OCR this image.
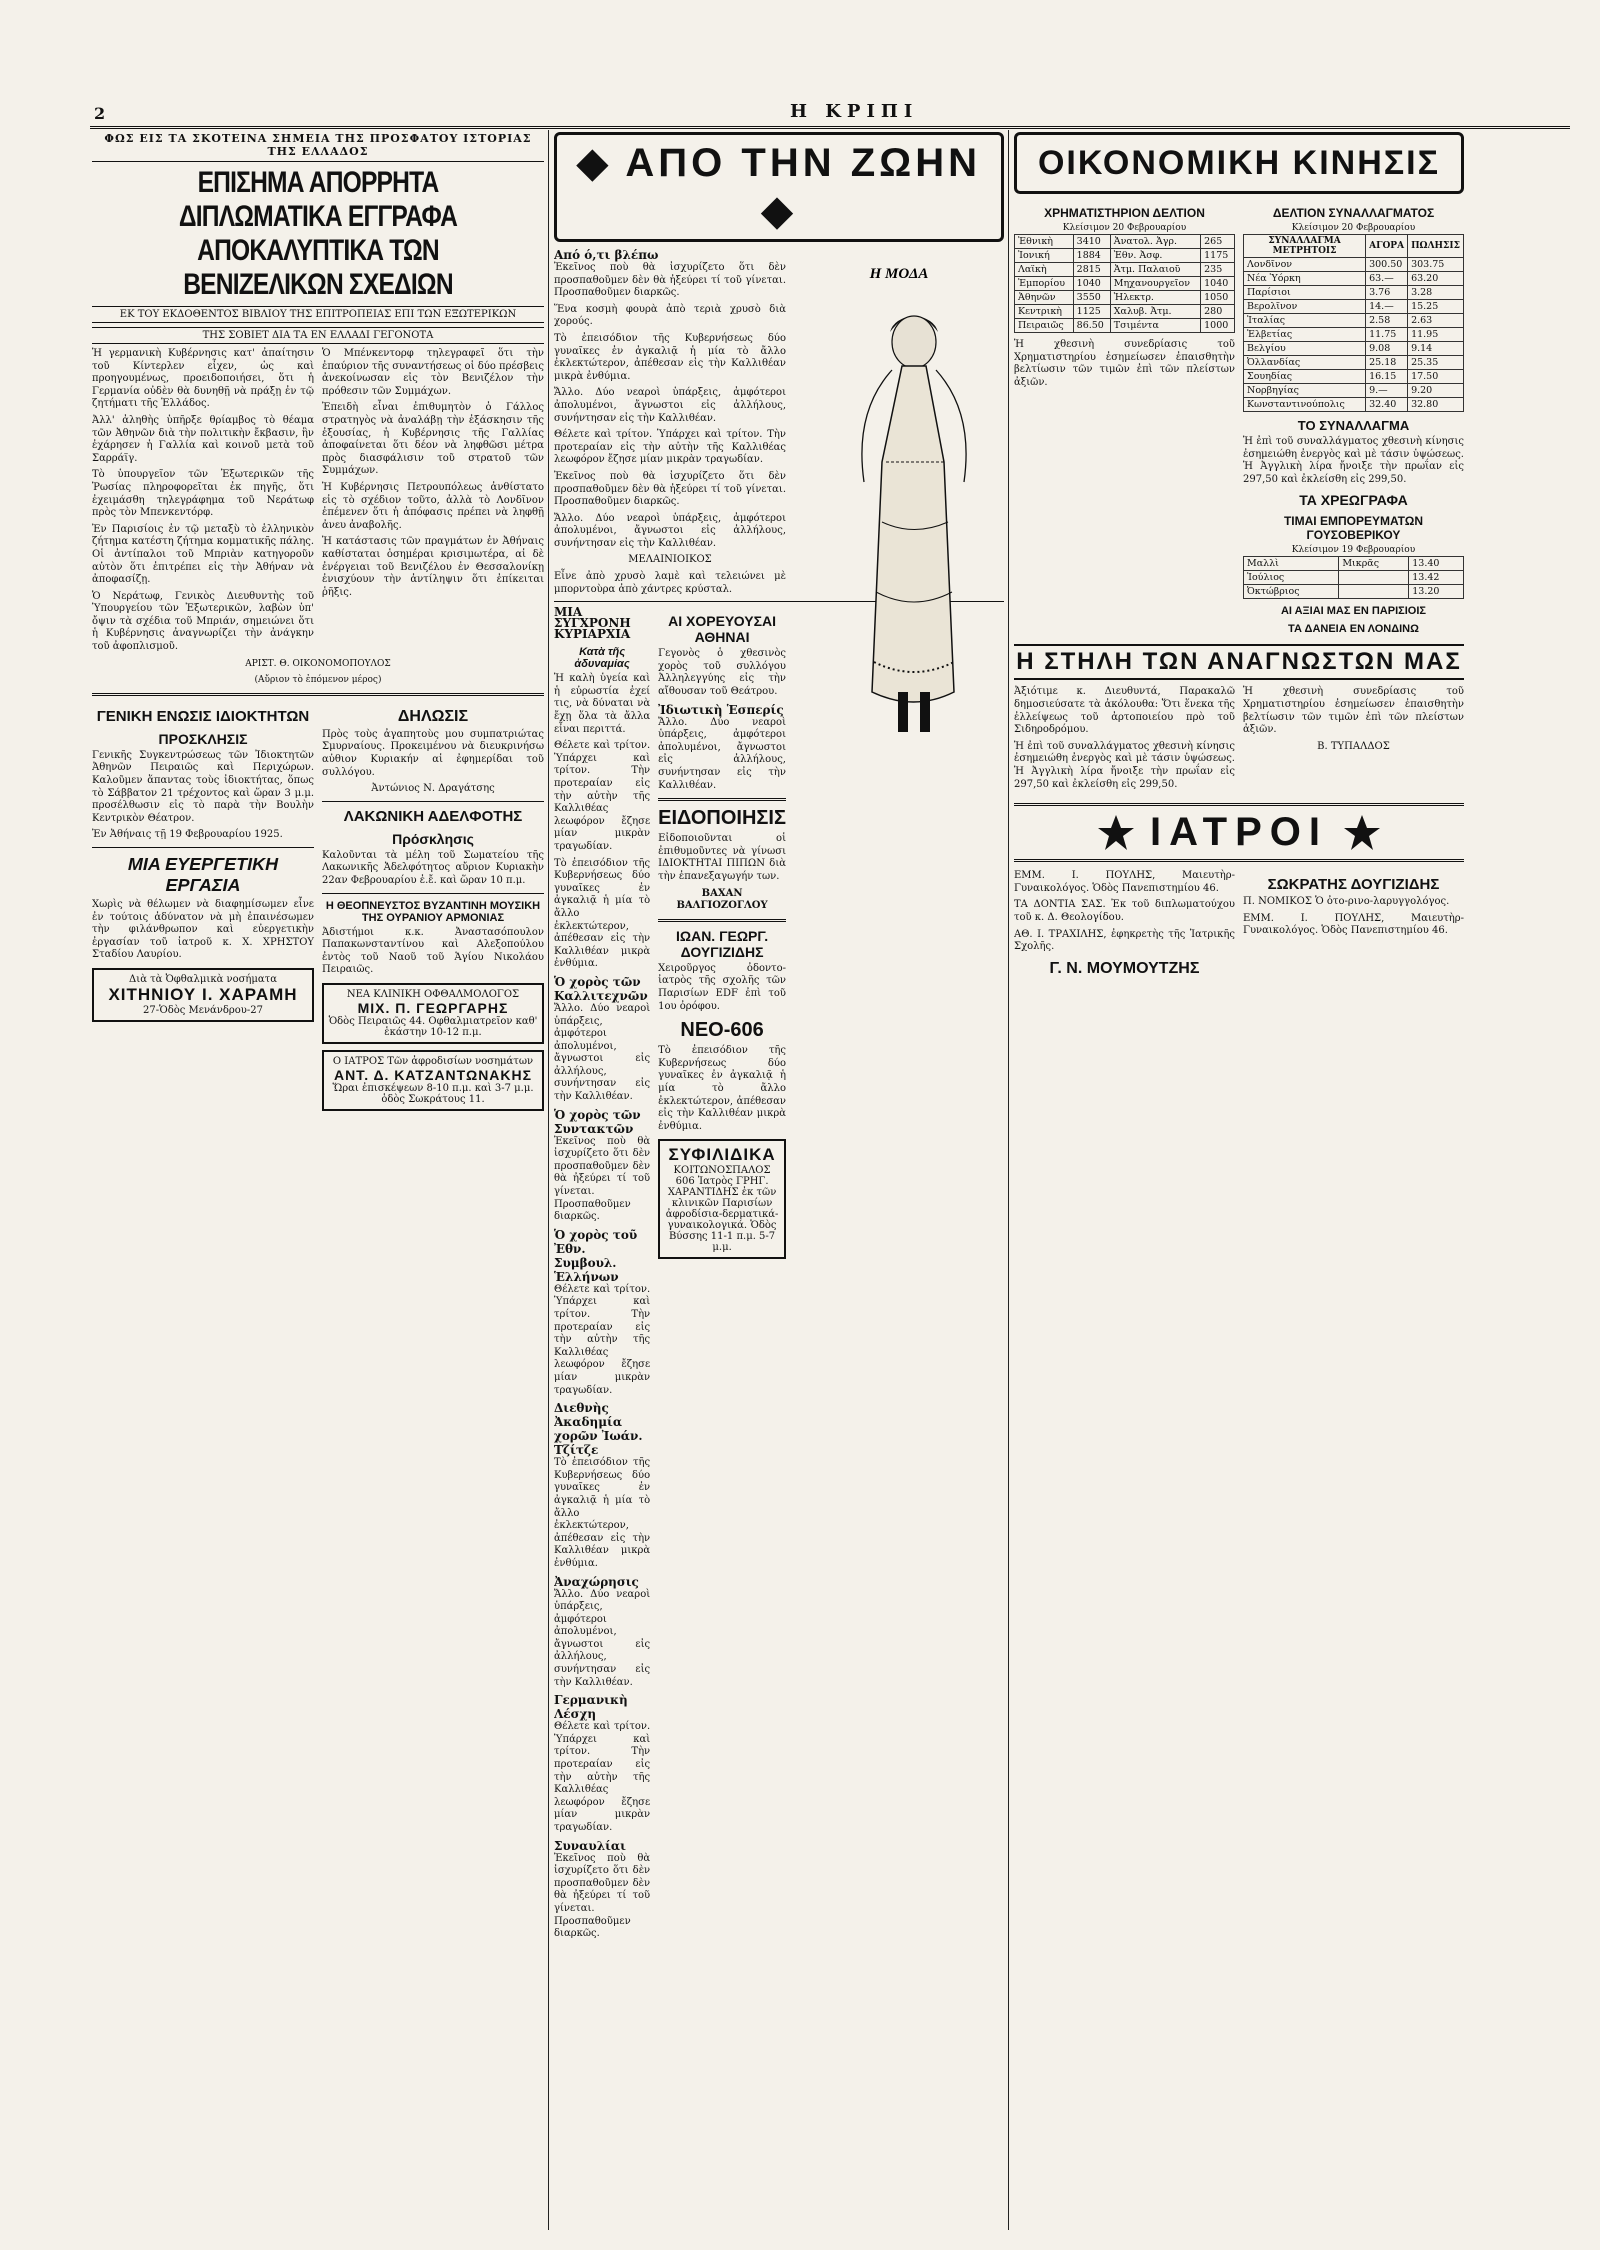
2	Η ΚΡΙΠΙ
ΦΩΣ ΕΙΣ ΤΑ ΣΚΟΤΕΙΝΑ ΣΗΜΕΙΑ ΤΗΣ ΠΡΟΣΦΑΤΟΥ ΙΣΤΟΡΙΑΣ ΤΗΣ ΕΛΛΑΔΟΣ
ΕΠΙΣΗΜΑ ΑΠΟΡΡΗΤΑ ΔΙΠΛΩΜΑΤΙΚΑ ΕΓΓΡΑΦΑ
ΑΠΟΚΑΛΥΠΤΙΚΑ ΤΩΝ ΒΕΝΙΖΕΛΙΚΩΝ ΣΧΕΔΙΩΝ
ΕΚ ΤΟΥ ΕΚΔΟΘΕΝΤΟΣ ΒΙΒΛΙΟΥ ΤΗΣ ΕΠΙΤΡΟΠΕΙΑΣ ΕΠΙ ΤΩΝ ΕΞΩΤΕΡΙΚΩΝ
ΤΗΣ ΣΟΒΙΕΤ ΔΙΑ ΤΑ ΕΝ ΕΛΛΑΔΙ ΓΕΓΟΝΟΤΑ

Ἡ γερμανικὴ Κυβέρνησις κατ' ἀπαίτησιν τοῦ Κίντερλεν εἶχεν, ὡς καὶ προηγουμένως, προειδοποιήσει, ὅτι ἡ Γερμανία οὐδὲν θὰ δυνηθῇ νὰ πράξῃ ἐν τῷ ζητήματι τῆς Ἑλλάδος.

Ἀλλ' ἀληθὴς ὑπῆρξε θρίαμβος τὸ θέαμα τῶν Ἀθηνῶν διὰ τὴν πολιτικὴν ἔκβασιν, ἣν ἐχάρησεν ἡ Γαλλία καὶ κοινοῦ μετὰ τοῦ Σαρράϊγ.

Τὸ ὑπουργεῖον τῶν Ἐξωτερικῶν τῆς Ῥωσίας πληροφορεῖται ἐκ πηγῆς, ὅτι ἐχειμάσθη τηλεγράφημα τοῦ Νεράτωφ πρὸς τὸν Μπενκεντόρφ.

Ἐν Παρισίοις ἐν τῷ μεταξὺ τὸ ἑλληνικὸν ζήτημα κατέστη ζήτημα κομματικῆς πάλης. Οἱ ἀντίπαλοι τοῦ Μπριὰν κατηγοροῦν αὐτὸν ὅτι ἐπιτρέπει εἰς τὴν Ἀθήναν νὰ ἀποφασίζῃ.

Ὁ Νεράτωφ, Γενικὸς Διευθυντὴς τοῦ Ὑπουργείου τῶν Ἐξωτερικῶν, λαβὼν ὑπ' ὄψιν τὰ σχέδια τοῦ Μπριάν, σημειώνει ὅτι ἡ Κυβέρνησις ἀναγνωρίζει τὴν ἀνάγκην τοῦ ἀφοπλισμοῦ.

Ὁ Μπένκεντορφ τηλεγραφεῖ ὅτι τὴν ἐπαύριον τῆς συναντήσεως οἱ δύο πρέσβεις ἀνεκοίνωσαν εἰς τὸν Βενιζέλον τὴν πρόθεσιν τῶν Συμμάχων.

Ἐπειδὴ εἶναι ἐπιθυμητὸν ὁ Γάλλος στρατηγὸς νὰ ἀναλάβῃ τὴν ἐξάσκησιν τῆς ἐξουσίας, ἡ Κυβέρνησις τῆς Γαλλίας ἀποφαίνεται ὅτι δέον νὰ ληφθῶσι μέτρα πρὸς διασφάλισιν τοῦ στρατοῦ τῶν Συμμάχων.

Ἡ Κυβέρνησις Πετρουπόλεως ἀνθίστατο εἰς τὸ σχέδιον τοῦτο, ἀλλὰ τὸ Λονδῖνον ἐπέμενεν ὅτι ἡ ἀπόφασις πρέπει νὰ ληφθῇ ἀνευ ἀναβολῆς.

Ἡ κατάστασις τῶν πραγμάτων ἐν Ἀθήναις καθίσταται ὁσημέραι κρισιμωτέρα, αἱ δὲ ἐνέργειαι τοῦ Βενιζέλου ἐν Θεσσαλονίκῃ ἐνισχύουν τὴν ἀντίληψιν ὅτι ἐπίκειται ῥῆξις.

ΑΡΙΣΤ. Θ. ΟΙΚΟΝΟΜΟΠΟΥΛΟΣ

(Αὔριον τὸ ἐπόμενον μέρος)

ΓΕΝΙΚΗ ΕΝΩΣΙΣ ΙΔΙΟΚΤΗΤΩΝ
ΠΡΟΣΚΛΗΣΙΣ

Γενικῆς Συγκεντρώσεως τῶν Ἰδιοκτητῶν Ἀθηνῶν Πειραιῶς καὶ Περιχώρων. Καλοῦμεν ἅπαντας τοὺς ἰδιοκτήτας, ὅπως τὸ Σάββατον 21 τρέχοντος καὶ ὥραν 3 μ.μ. προσέλθωσιν εἰς τὸ παρὰ τὴν Βουλὴν Κεντρικὸν Θέατρον.

Ἐν Ἀθήναις τῇ 19 Φεβρουαρίου 1925.

ΜΙΑ ΕΥΕΡΓΕΤΙΚΗ ΕΡΓΑΣΙΑ

Χωρὶς νὰ θέλωμεν νὰ διαφημίσωμεν εἶνε ἐν τούτοις ἀδύνατον νὰ μὴ ἐπαινέσωμεν τὴν φιλάνθρωπον καὶ εὐεργετικὴν ἐργασίαν τοῦ ἰατροῦ κ. Χ. ΧΡΗΣΤΟΥ Σταδίου Λαυρίου.

Διὰ τὰ Ὀφθαλμικὰ νοσήματα
ΧΙΤΗΝΙΟΥ Ι. ΧΑΡΑΜΗ
27-Ὁδὸς Μενάνδρου-27
ΔΗΛΩΣΙΣ

Πρὸς τοὺς ἀγαπητοὺς μου συμπατριώτας Σμυρναίους. Προκειμένου νὰ διευκρινήσω αὐθιον Κυριακήν αἱ ἐφημερίδαι τοῦ συλλόγου.

Ἀντώνιος Ν. Δραγάτσης

ΛΑΚΩΝΙΚΗ ΑΔΕΛΦΟΤΗΣ
Πρόσκλησις

Καλοῦνται τὰ μέλη τοῦ Σωματείου τῆς Λακωνικῆς Ἀδελφότητος αὔριον Κυριακὴν 22αν Φεβρουαρίου ἐ.ἔ. καὶ ὥραν 10 π.μ.

Η ΘΕΟΠΝΕΥΣΤΟΣ ΒΥΖΑΝΤΙΝΗ ΜΟΥΣΙΚΗ ΤΗΣ ΟΥΡΑΝΙΟΥ ΑΡΜΟΝΙΑΣ

Ἀδιστήμοι κ.κ. Ἀναστασόπουλον Παπακωνσταντίνου καὶ Αλεξοπούλου ἐντὸς τοῦ Ναοῦ τοῦ Ἁγίου Νικολάου Πειραιῶς.

ΝΕΑ ΚΛΙΝΙΚΗ ΟΦΘΑΛΜΟΛΟΓΟΣ
ΜΙΧ. Π. ΓΕΩΡΓΑΡΗΣ
Ὁδὸς Πειραιῶς 44. Οφθαλμιατρεῖον καθ' ἑκάστην 10-12 π.μ.
Ο ΙΑΤΡΟΣ Τῶν ἀφροδισίων νοσημάτων
ΑΝΤ. Δ. ΚΑΤΖΑΝΤΩΝΑΚΗΣ
Ὥραι ἐπισκέψεων 8-10 π.μ. καὶ 3-7 μ.μ. ὁδὸς Σωκράτους 11.
◆ ΑΠΟ ΤΗΝ ΖΩΗΝ ◆
Από ό,τι βλέπω
Η ΜΟΔΑ

Ἐκεῖνος ποὺ θὰ ἰσχυρίζετο ὅτι δὲν προσπαθοῦμεν δὲν θὰ ἠξεύρει τί τοῦ γίνεται. Προσπαθοῦμεν διαρκῶς.

Ἕνα κοσμὴ φουρὰ ἀπὸ τεριὰ χρυσὸ διὰ χορούς.

Τὸ ἐπεισόδιον τῆς Κυβερνήσεως δύο γυναῖκες ἐν ἀγκαλιᾷ ἡ μία τὸ ἄλλο ἐκλεκτώτερον, ἀπέθεσαν εἰς τὴν Καλλιθέαν μικρὰ ἐνθύμια.

Ἄλλο. Δύο νεαροὶ ὑπάρξεις, ἀμφότεροι ἀπολυμένοι, ἄγνωστοι εἰς ἀλλήλους, συνήντησαν εἰς τὴν Καλλιθέαν.

Θέλετε καὶ τρίτον. Ὑπάρχει καὶ τρίτον. Τὴν προτεραίαν εἰς τὴν αὐτὴν τῆς Καλλιθέας λεωφόρον ἔζησε μίαν μικρὰν τραγωδίαν.

Ἐκεῖνος ποὺ θὰ ἰσχυρίζετο ὅτι δὲν προσπαθοῦμεν δὲν θὰ ἠξεύρει τί τοῦ γίνεται. Προσπαθοῦμεν διαρκῶς.

Ἄλλο. Δύο νεαροὶ ὑπάρξεις, ἀμφότεροι ἀπολυμένοι, ἄγνωστοι εἰς ἀλλήλους, συνήντησαν εἰς τὴν Καλλιθέαν.

ΜΕΛΑΙΝΙΟΙΚΟΣ

Εἶνε ἀπὸ χρυσὸ λαμὲ καὶ τελειώνει μὲ μπορντοὺρα ἀπὸ χάντρες κρύσταλ.

ΜΙΑ ΣΥΓΧΡΟΝΗ ΚΥΡΙΑΡΧΙΑ
Κατὰ τῆς ἀδυναμίας

Ἡ καλὴ ὑγεία καὶ ἡ εὐρωστία ἐχεί τις, νὰ δύναται νὰ ἔχῃ ὅλα τὰ ἄλλα εἶναι περιττά.

Θέλετε καὶ τρίτον. Ὑπάρχει καὶ τρίτον. Τὴν προτεραίαν εἰς τὴν αὐτὴν τῆς Καλλιθέας λεωφόρον ἔζησε μίαν μικρὰν τραγωδίαν.

Τὸ ἐπεισόδιον τῆς Κυβερνήσεως δύο γυναῖκες ἐν ἀγκαλιᾷ ἡ μία τὸ ἄλλο ἐκλεκτώτερον, ἀπέθεσαν εἰς τὴν Καλλιθέαν μικρὰ ἐνθύμια.

Ὁ χορὸς τῶν Καλλιτεχνῶν

Ἄλλο. Δύο νεαροὶ ὑπάρξεις, ἀμφότεροι ἀπολυμένοι, ἄγνωστοι εἰς ἀλλήλους, συνήντησαν εἰς τὴν Καλλιθέαν.

Ὁ χορὸς τῶν Συντακτῶν

Ἐκεῖνος ποὺ θὰ ἰσχυρίζετο ὅτι δὲν προσπαθοῦμεν δὲν θὰ ἠξεύρει τί τοῦ γίνεται. Προσπαθοῦμεν διαρκῶς.

Ὁ χορὸς τοῦ Ἐθν. Συμβουλ. Ἑλλήνων

Θέλετε καὶ τρίτον. Ὑπάρχει καὶ τρίτον. Τὴν προτεραίαν εἰς τὴν αὐτὴν τῆς Καλλιθέας λεωφόρον ἔζησε μίαν μικρὰν τραγωδίαν.

Διεθνὴς Ἀκαδημία χορῶν Ἰωάν. Τζίτζε

Τὸ ἐπεισόδιον τῆς Κυβερνήσεως δύο γυναῖκες ἐν ἀγκαλιᾷ ἡ μία τὸ ἄλλο ἐκλεκτώτερον, ἀπέθεσαν εἰς τὴν Καλλιθέαν μικρὰ ἐνθύμια.

Ἀναχώρησις

Ἄλλο. Δύο νεαροὶ ὑπάρξεις, ἀμφότεροι ἀπολυμένοι, ἄγνωστοι εἰς ἀλλήλους, συνήντησαν εἰς τὴν Καλλιθέαν.

Γερμανικὴ Λέσχη

Θέλετε καὶ τρίτον. Ὑπάρχει καὶ τρίτον. Τὴν προτεραίαν εἰς τὴν αὐτὴν τῆς Καλλιθέας λεωφόρον ἔζησε μίαν μικρὰν τραγωδίαν.

Συναυλίαι

Ἐκεῖνος ποὺ θὰ ἰσχυρίζετο ὅτι δὲν προσπαθοῦμεν δὲν θὰ ἠξεύρει τί τοῦ γίνεται. Προσπαθοῦμεν διαρκῶς.

ΑΙ ΧΟΡΕΥΟΥΣΑΙ ΑΘΗΝΑΙ

Γεγονὸς ὁ χθεσινὸς χορὸς τοῦ συλλόγου Ἀλληλεγγύης εἰς τὴν αἴθουσαν τοῦ Θεάτρου.

Ἰδιωτικὴ Ἑσπερίς

Ἄλλο. Δύο νεαροὶ ὑπάρξεις, ἀμφότεροι ἀπολυμένοι, ἄγνωστοι εἰς ἀλλήλους, συνήντησαν εἰς τὴν Καλλιθέαν.

ΕΙΔΟΠΟΙΗΣΙΣ

Εἰδοποιοῦνται οἱ ἐπιθυμοῦντες νὰ γίνωσι ΙΔΙΟΚΤΗΤΑΙ ΠΙΠΩΝ διὰ τὴν ἐπανεξαγωγήν των.

ΒΑΧΑΝ ΒΑΛΓΙΟΖΟΓΛΟΥ

ΙΩΑΝ. ΓΕΩΡΓ. ΔΟΥΓΙΖΙΔΗΣ

Χειροῦργος ὀδοντο-ἰατρὸς τῆς σχολῆς τῶν Παρισίων EDF ἐπὶ τοῦ 1ου ὀρόφου.

ΝΕΟ-606

Τὸ ἐπεισόδιον τῆς Κυβερνήσεως δύο γυναῖκες ἐν ἀγκαλιᾷ ἡ μία τὸ ἄλλο ἐκλεκτώτερον, ἀπέθεσαν εἰς τὴν Καλλιθέαν μικρὰ ἐνθύμια.

ΣΥΦΙΛΙΔΙΚΑ
ΚΟΙΤΩΝΟΣΠΑΛΟΣ
606 Ἰατρὸς ΓΡΗΓ. ΧΑΡΑΝΤΙΔΗΣ ἐκ τῶν κλινικῶν Παρισίων ἀφροδίσια-δερματικά-γυναικολογικά. Ὁδὸς Βύσσης 11-1 π.μ. 5-7 μ.μ.
ΟΙΚΟΝΟΜΙΚΗ ΚΙΝΗΣΙΣ
ΧΡΗΜΑΤΙΣΤΗΡΙΟΝ ΔΕΛΤΙΟΝ
Κλείσιμον 20 Φεβρουαρίου
Ἐθνικὴ	3410	Ἀνατολ. Ἀγρ.	265
Ἰονική	1884	Ἐθν. Ἀσφ.	1175
Λαϊκὴ	2815	Ἀτμ. Παλαιοῦ	235
Ἐμπορίου	1040	Μηχανουργεῖον	1040
Ἀθηνῶν	3550	Ἡλεκτρ.	1050
Κεντρικὴ	1125	Χαλυβ. Ἀτμ.	280
Πειραιῶς	86.50	Τσιμέντα	1000

Ἡ χθεσινὴ συνεδρίασις τοῦ Χρηματιστηρίου ἐσημείωσεν ἐπαισθητὴν βελτίωσιν τῶν τιμῶν ἐπὶ τῶν πλείστων ἀξιῶν.

ΔΕΛΤΙΟΝ ΣΥΝΑΛΛΑΓΜΑΤΟΣ
Κλείσιμον 20 Φεβρουαρίου
ΣΥΝΑΛΛΑΓΜΑ ΜΕΤΡΗΤΟΙΣ	ΑΓΟΡΑ	ΠΩΛΗΣΙΣ
Λονδῖνον	300.50	303.75
Νέα Ὑόρκη	63.—	63.20
Παρίσιοι	3.76	3.28
Βερολῖνον	14.—	15.25
Ἰταλίας	2.58	2.63
Ἑλβετίας	11.75	11.95
Βελγίου	9.08	9.14
Ὀλλανδίας	25.18	25.35
Σουηδίας	16.15	17.50
Νορβηγίας	9.—	9.20
Κωνσταντινούπολις	32.40	32.80
ΤΟ ΣΥΝΑΛΛΑΓΜΑ

Ἡ ἐπὶ τοῦ συναλλάγματος χθεσινὴ κίνησις ἐσημειώθη ἐνεργὸς καὶ μὲ τάσιν ὑψώσεως. Ἡ Ἀγγλικὴ λίρα ἤνοιξε τὴν πρωΐαν εἰς 297,50 καὶ ἐκλείσθη εἰς 299,50.

ΤΑ ΧΡΕΩΓΡΑΦΑ
ΤΙΜΑΙ ΕΜΠΟΡΕΥΜΑΤΩΝ ΓΟΥΣΟΒΕΡΙΚΟΥ
Κλείσιμον 19 Φεβρουαρίου
Μαλλὶ	Μικρᾶς	13.40
Ἰούλιος		13.42
Ὀκτώβριος		13.20
ΑΙ ΑΞΙΑΙ ΜΑΣ ΕΝ ΠΑΡΙΣΙΟΙΣ
ΤΑ ΔΑΝΕΙΑ ΕΝ ΛΟΝΔΙΝΩ
Η ΣΤΗΛΗ ΤΩΝ ΑΝΑΓΝΩΣΤΩΝ ΜΑΣ

Ἀξιότιμε κ. Διευθυντά, Παρακαλῶ δημοσιεύσατε τὰ ἀκόλουθα: Ὅτι ἕνεκα τῆς ἐλλείψεως τοῦ ἀρτοποιείου πρὸ τοῦ Σιδηροδρόμου.

Ἡ ἐπὶ τοῦ συναλλάγματος χθεσινὴ κίνησις ἐσημειώθη ἐνεργὸς καὶ μὲ τάσιν ὑψώσεως. Ἡ Ἀγγλικὴ λίρα ἤνοιξε τὴν πρωΐαν εἰς 297,50 καὶ ἐκλείσθη εἰς 299,50.

Ἡ χθεσινὴ συνεδρίασις τοῦ Χρηματιστηρίου ἐσημείωσεν ἐπαισθητὴν βελτίωσιν τῶν τιμῶν ἐπὶ τῶν πλείστων ἀξιῶν.

Β. ΤΥΠΑΛΔΟΣ

ΙΑΤΡΟΙ

ΕΜΜ. Ι. ΠΟΥΛΗΣ, Μαιευτὴρ-Γυναικολόγος. Ὁδὸς Πανεπιστημίου 46.

ΤΑ ΔΟΝΤΙΑ ΣΑΣ. Ἐκ τοῦ διπλωματούχου τοῦ κ. Δ. Θεολογίδου.

ΑΘ. Ι. ΤΡΑΧΙΛΗΣ, ἐφηκρετὴς τῆς Ἰατρικῆς Σχολῆς.

Γ. Ν. ΜΟΥΜΟΥΤΖΗΣ
ΣΩΚΡΑΤΗΣ ΔΟΥΓΙΖΙΔΗΣ

Π. ΝΟΜΙΚΟΣ Ὁ ὀτο-ρινο-λαρυγγολόγος.

ΕΜΜ. Ι. ΠΟΥΛΗΣ, Μαιευτὴρ-Γυναικολόγος. Ὁδὸς Πανεπιστημίου 46.
